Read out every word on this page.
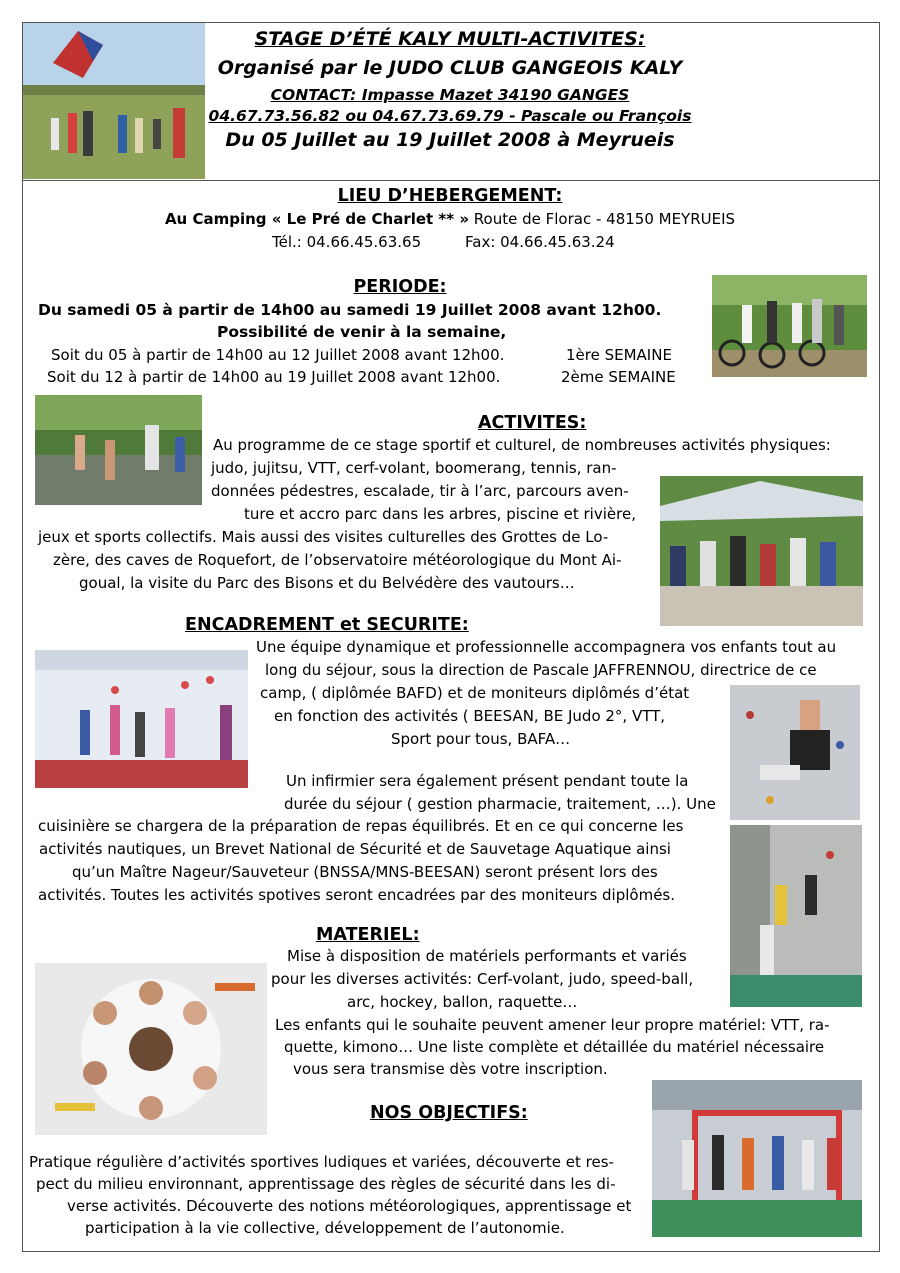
STAGE D’ÉTÉ KALY MULTI-ACTIVITES:
Organisé par le JUDO CLUB GANGEOIS KALY
CONTACT: Impasse Mazet 34190 GANGES
04.67.73.56.82 ou 04.67.73.69.79 - Pascale ou François
Du 05 Juillet au 19 Juillet 2008 à Meyrueis
LIEU D’HEBERGEMENT:
Au Camping « Le Pré de Charlet ** » Route de Florac - 48150 MEYRUEIS
Tél.: 04.66.45.63.65	Fax: 04.66.45.63.24
PERIODE:
Du samedi 05 à partir de 14h00 au samedi 19 Juillet 2008 avant 12h00.
Possibilité de venir à la semaine,
Soit du 05 à partir de 14h00 au 12 Juillet 2008 avant 12h00.	1ère SEMAINE
Soit du 12 à partir de 14h00 au 19 Juillet 2008 avant 12h00.	2ème SEMAINE
ACTIVITES:
Au programme de ce stage sportif et culturel, de nombreuses activités physiques:
judo, jujitsu, VTT, cerf-volant, boomerang, tennis, ran-
données pédestres, escalade, tir à l’arc, parcours aven-
ture et accro parc dans les arbres, piscine et rivière,
jeux et sports collectifs. Mais aussi des visites culturelles des Grottes de Lo-
zère, des caves de Roquefort, de l’observatoire météorologique du Mont Ai-
goual, la visite du Parc des Bisons et du Belvédère des vautours…
ENCADREMENT et SECURITE:
Une équipe dynamique et professionnelle accompagnera vos enfants tout au
long du séjour, sous la direction de Pascale JAFFRENNOU, directrice de ce
camp, ( diplômée BAFD) et de moniteurs diplômés d’état
en fonction des activités ( BEESAN, BE Judo 2°, VTT,
Sport pour tous, BAFA…
Un infirmier sera également présent pendant toute la
durée du séjour ( gestion pharmacie, traitement, …). Une
cuisinière se chargera de la préparation de repas équilibrés. Et en ce qui concerne les
activités nautiques, un Brevet National de Sécurité et de Sauvetage Aquatique ainsi
qu’un Maître Nageur/Sauveteur (BNSSA/MNS-BEESAN) seront présent lors des
activités. Toutes les activités spotives seront encadrées par des moniteurs diplômés.
MATERIEL:
Mise à disposition de matériels performants et variés
pour les diverses activités: Cerf-volant, judo, speed-ball,
arc, hockey, ballon, raquette…
Les enfants qui le souhaite peuvent amener leur propre matériel: VTT, ra-
quette, kimono… Une liste complète et détaillée du matériel nécessaire
vous sera transmise dès votre inscription.
NOS OBJECTIFS:
Pratique régulière d’activités sportives ludiques et variées, découverte et res-
pect du milieu environnant, apprentissage des règles de sécurité dans les di-
verse activités. Découverte des notions météorologiques, apprentissage et
participation à la vie collective, développement de l’autonomie.
